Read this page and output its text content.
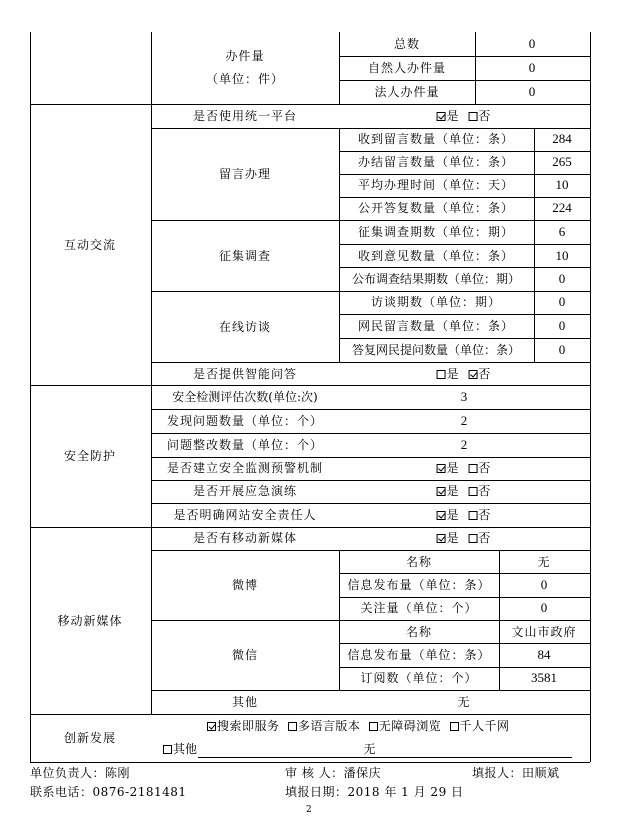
办件量
（单位：件）
总数	0
自然人办件量	0
法人办件量	0
互动交流
是否使用统一平台	是 否
留言办理
收到留言数量（单位：条）	284
办结留言数量（单位：条）	265
平均办理时间（单位：天）	10
公开答复数量（单位：条）	224
征集调查
征集调查期数（单位：期）	6
收到意见数量（单位：条）	10
公布调查结果期数（单位：期）	0
在线访谈
访谈期数（单位：期）	0
网民留言数量（单位：条）	0
答复网民提问数量（单位：条）	0
是否提供智能问答	是 否
安全防护
安全检测评估次数(单位:次)	3
发现问题数量（单位：个）	2
问题整改数量（单位：个）	2
是否建立安全监测预警机制	是 否
是否开展应急演练	是 否
是否明确网站安全责任人	是 否
移动新媒体
是否有移动新媒体	是 否
微博
名称	无
信息发布量（单位：条）	0
关注量（单位：个）	0
微信
名称	文山市政府
信息发布量（单位：条）	84
订阅数（单位：个）	3581
其他	无
创新发展
搜索即服务 多语言版本 无障碍浏览 千人千网
其他	无
单位负责人：陈刚	审 核 人：潘保庆	填报人：田顺斌
联系电话：0876-2181481	填报日期：2018 年 1 月 29 日
2
